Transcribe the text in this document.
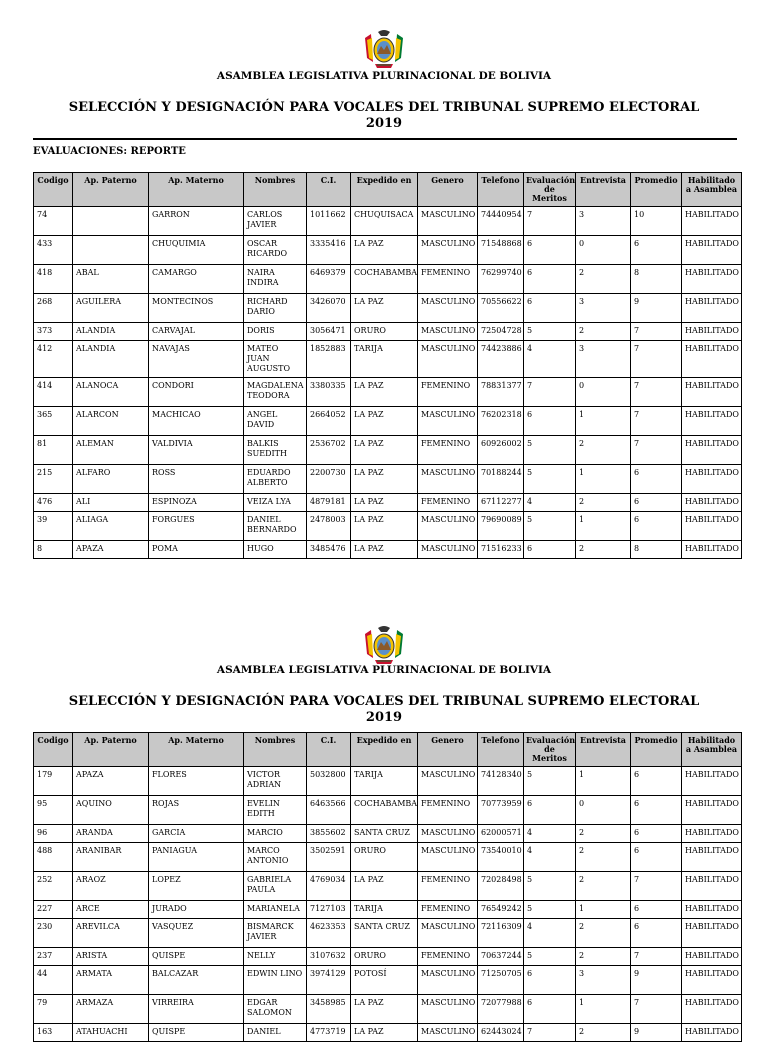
ASAMBLEA LEGISLATIVA PLURINACIONAL DE BOLIVIA
SELECCIÓN Y DESIGNACIÓN PARA VOCALES DEL TRIBUNAL SUPREMO ELECTORAL
2019
EVALUACIONES: REPORTE
Codigo	Ap. Paterno	Ap. Materno	Nombres	C.I.	Expedido en	Genero	Telefono	Evaluación de Meritos	Entrevista	Promedio	Habilitado a Asamblea
74		GARRON	CARLOS JAVIER	1011662	CHUQUISACA	MASCULINO	74440954	7	3	10	HABILITADO
433		CHUQUIMIA	OSCAR RICARDO	3335416	LA PAZ	MASCULINO	71548868	6	0	6	HABILITADO
418	ABAL	CAMARGO	NAIRA INDIRA	6469379	COCHABAMBA	FEMENINO	76299740	6	2	8	HABILITADO
268	AGUILERA	MONTECINOS	RICHARD DARIO	3426070	LA PAZ	MASCULINO	70556622	6	3	9	HABILITADO
373	ALANDIA	CARVAJAL	DORIS	3056471	ORURO	MASCULINO	72504728	5	2	7	HABILITADO
412	ALANDIA	NAVAJAS	MATEO JUAN AUGUSTO	1852883	TARIJA	MASCULINO	74423886	4	3	7	HABILITADO
414	ALANOCA	CONDORI	MAGDALENA TEODORA	3380335	LA PAZ	FEMENINO	78831377	7	0	7	HABILITADO
365	ALARCON	MACHICAO	ANGEL DAVID	2664052	LA PAZ	MASCULINO	76202318	6	1	7	HABILITADO
81	ALEMAN	VALDIVIA	BALKIS SUEDITH	2536702	LA PAZ	FEMENINO	60926002	5	2	7	HABILITADO
215	ALFARO	ROSS	EDUARDO ALBERTO	2200730	LA PAZ	MASCULINO	70188244	5	1	6	HABILITADO
476	ALI	ESPINOZA	VEIZA LYA	4879181	LA PAZ	FEMENINO	67112277	4	2	6	HABILITADO
39	ALIAGA	FORGUES	DANIEL BERNARDO	2478003	LA PAZ	MASCULINO	79690089	5	1	6	HABILITADO
8	APAZA	POMA	HUGO	3485476	LA PAZ	MASCULINO	71516233	6	2	8	HABILITADO
ASAMBLEA LEGISLATIVA PLURINACIONAL DE BOLIVIA
SELECCIÓN Y DESIGNACIÓN PARA VOCALES DEL TRIBUNAL SUPREMO ELECTORAL
2019
Codigo	Ap. Paterno	Ap. Materno	Nombres	C.I.	Expedido en	Genero	Telefono	Evaluación de Meritos	Entrevista	Promedio	Habilitado a Asamblea
179	APAZA	FLORES	VICTOR ADRIAN	5032800	TARIJA	MASCULINO	74128340	5	1	6	HABILITADO
95	AQUINO	ROJAS	EVELIN EDITH	6463566	COCHABAMBA	FEMENINO	70773959	6	0	6	HABILITADO
96	ARANDA	GARCIA	MARCIO	3855602	SANTA CRUZ	MASCULINO	62000571	4	2	6	HABILITADO
488	ARANIBAR	PANIAGUA	MARCO ANTONIO	3502591	ORURO	MASCULINO	73540010	4	2	6	HABILITADO
252	ARAOZ	LOPEZ	GABRIELA PAULA	4769034	LA PAZ	FEMENINO	72028498	5	2	7	HABILITADO
227	ARCE	JURADO	MARIANELA	7127103	TARIJA	FEMENINO	76549242	5	1	6	HABILITADO
230	AREVILCA	VASQUEZ	BISMARCK JAVIER	4623353	SANTA CRUZ	MASCULINO	72116309	4	2	6	HABILITADO
237	ARISTA	QUISPE	NELLY	3107632	ORURO	FEMENINO	70637244	5	2	7	HABILITADO
44	ARMATA	BALCAZAR	EDWIN LINO	3974129	POTOSÍ	MASCULINO	71250705	6	3	9	HABILITADO
79	ARMAZA	VIRREIRA	EDGAR SALOMON	3458985	LA PAZ	MASCULINO	72077988	6	1	7	HABILITADO
163	ATAHUACHI	QUISPE	DANIEL	4773719	LA PAZ	MASCULINO	62443024	7	2	9	HABILITADO
